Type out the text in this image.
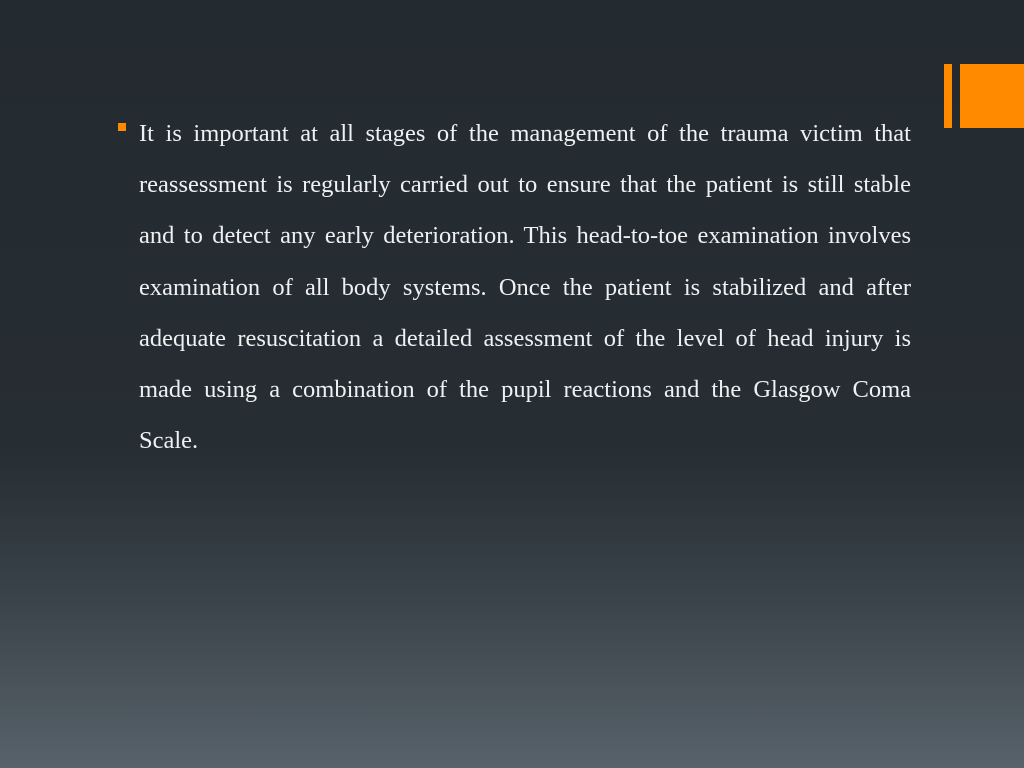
It is important at all stages of the management of the trauma victim that reassessment is regularly carried out to ensure that the patient is still stable and to detect any early deterioration. This head-to-toe examination involves examination of all body systems. Once the patient is stabilized and after adequate resuscitation a detailed assessment of the level of head injury is made using a combination of the pupil reactions and the Glasgow Coma Scale.
